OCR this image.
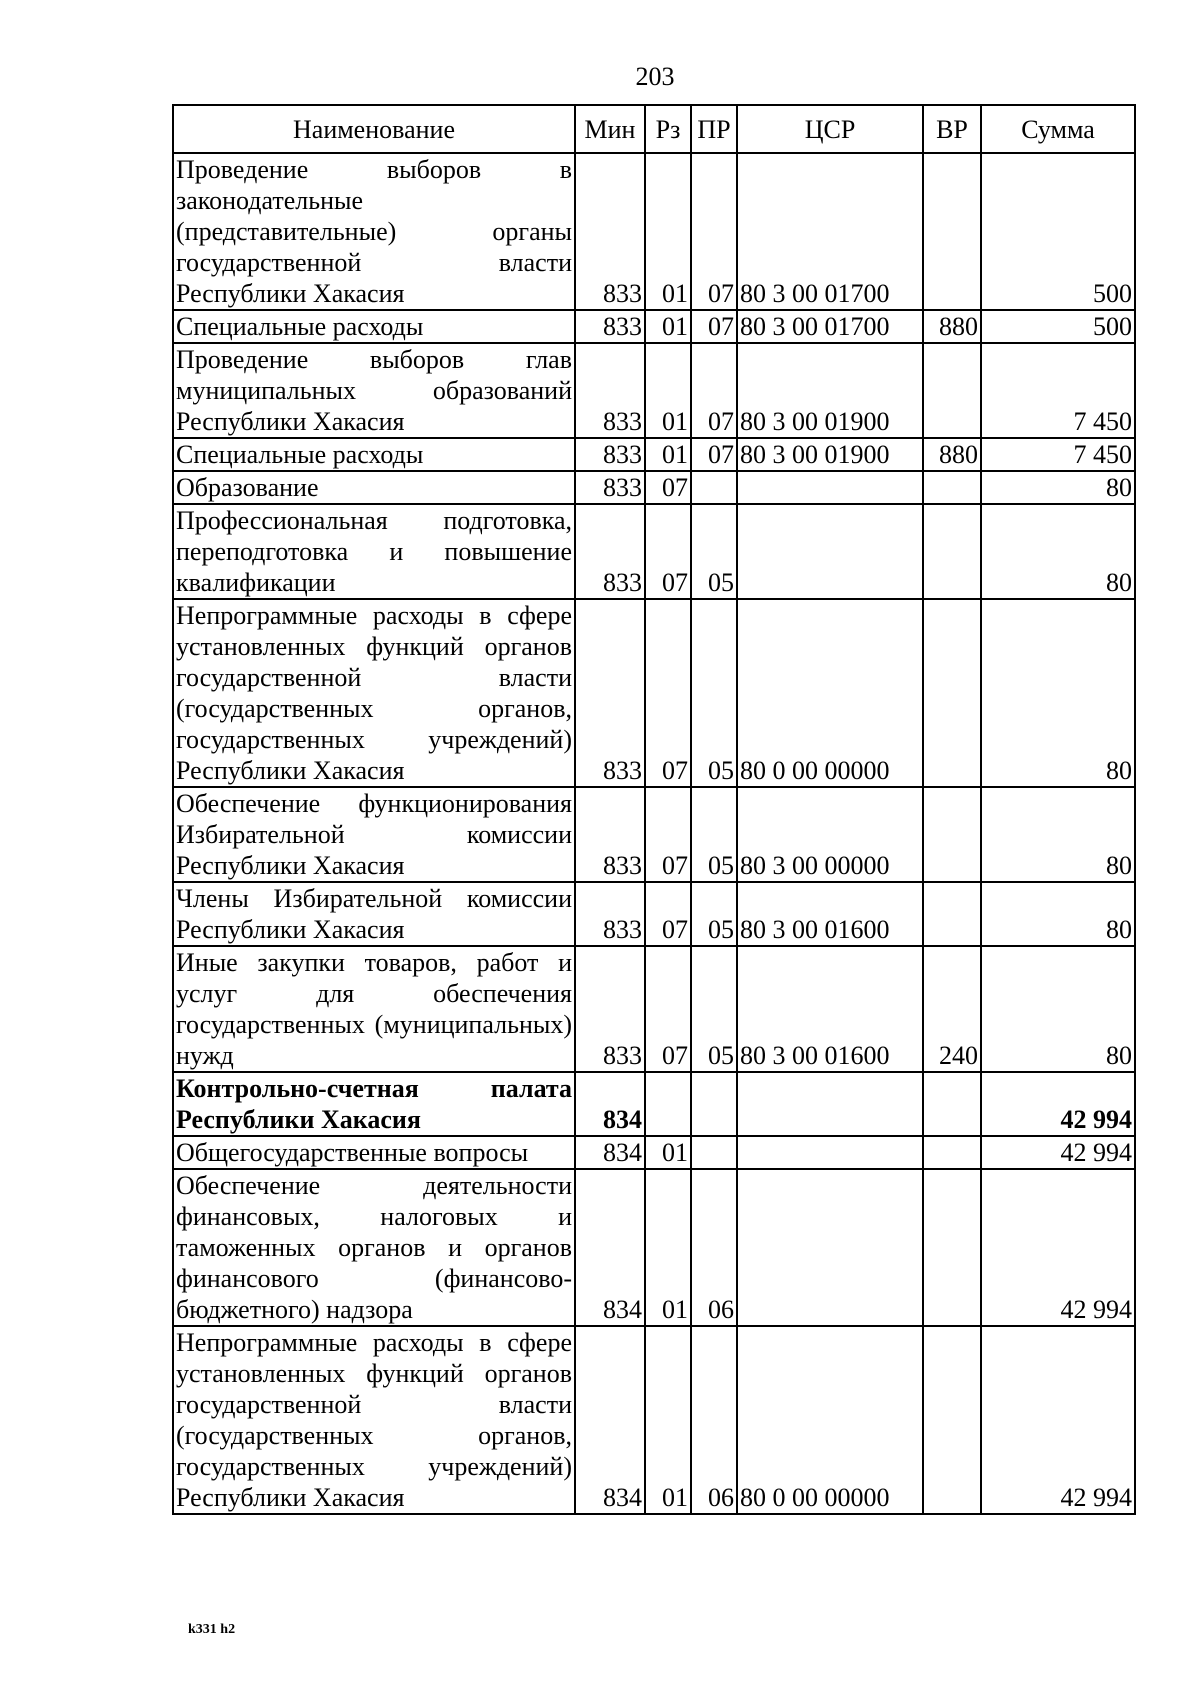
203
Наименование	Мин	Рз	ПР	ЦСР	ВР	Сумма
Проведение выборов в законодательные (представительные) органы государственной власти Республики Хакасия	833	01	07	80 3 00 01700		500
Специальные расходы	833	01	07	80 3 00 01700	880	500
Проведение выборов глав муниципальных образований Республики Хакасия	833	01	07	80 3 00 01900		7 450
Специальные расходы	833	01	07	80 3 00 01900	880	7 450
Образование	833	07				80
Профессиональная подготовка, переподготовка и повышение квалификации	833	07	05			80
Непрограммные расходы в сфере установленных функций органов государственной власти (государственных органов, государственных учреждений) Республики Хакасия	833	07	05	80 0 00 00000		80
Обеспечение функционирования Избирательной комиссии Республики Хакасия	833	07	05	80 3 00 00000		80
Члены Избирательной комиссии Республики Хакасия	833	07	05	80 3 00 01600		80
Иные закупки товаров, работ и услуг для обеспечения государственных (муниципальных) нужд	833	07	05	80 3 00 01600	240	80
Контрольно-счетная палата Республики Хакасия	834					42 994
Общегосударственные вопросы	834	01				42 994
Обеспечение деятельности финансовых, налоговых и таможенных органов и органов финансового (финансово-бюджетного) надзора	834	01	06			42 994
Непрограммные расходы в сфере установленных функций органов государственной власти (государственных органов, государственных учреждений) Республики Хакасия	834	01	06	80 0 00 00000		42 994
k331 h2
